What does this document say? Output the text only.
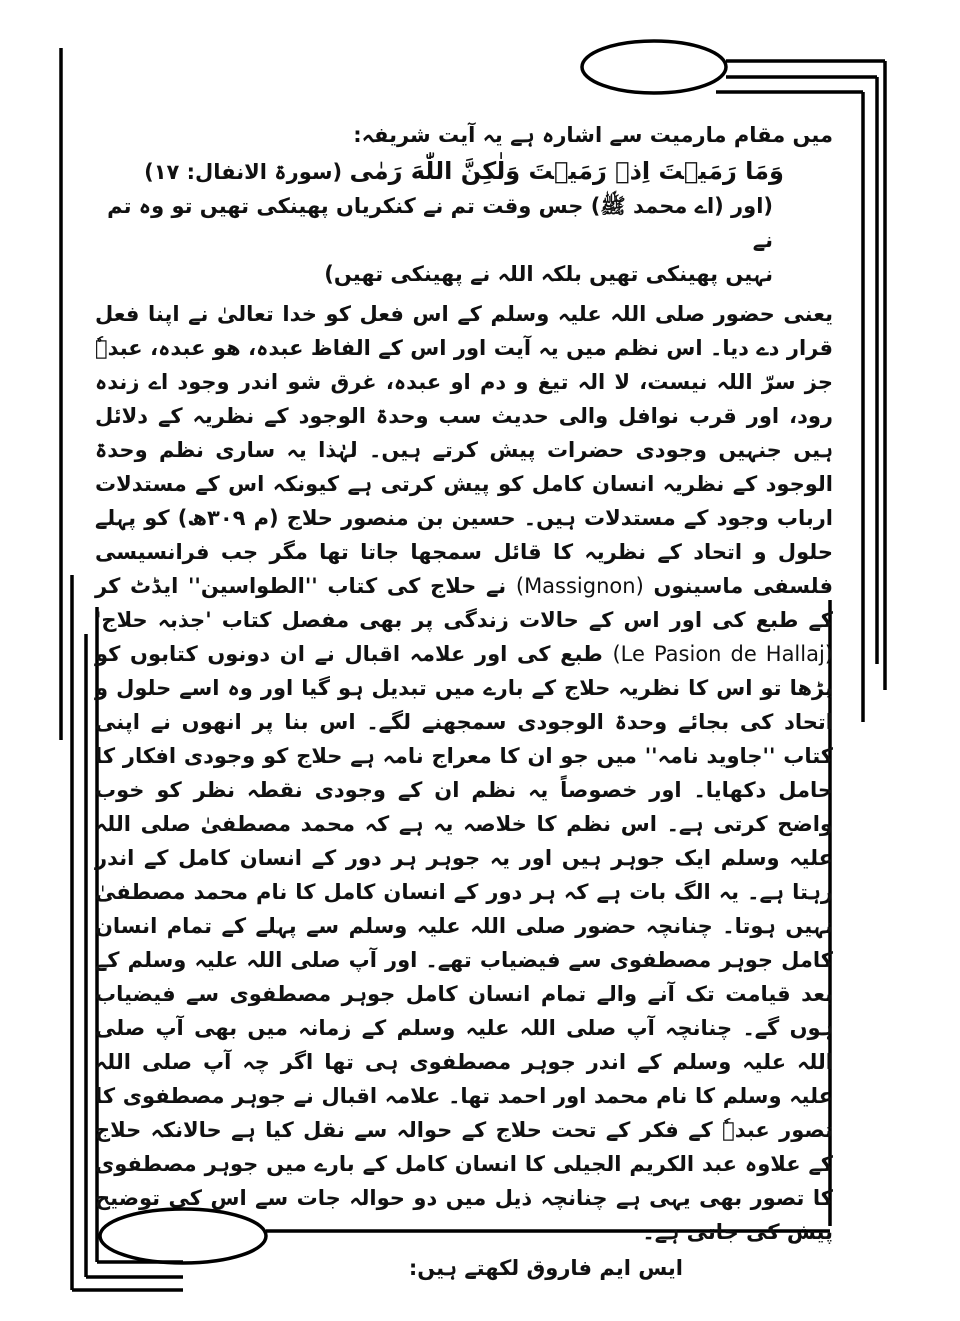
میں مقام مارمیت سے اشارہ ہے یہ آیت شریفہ:

وَمَا رَمَيۡتَ اِذۡ رَمَيۡتَ وَلٰكِنَّ اللّٰهَ رَمٰى (سورۃ الانفال: ۱۷)
(اور (اے محمد ﷺ) جس وقت تم نے کنکریاں پھینکی تھیں تو وہ تم نے
نہیں پھینکی تھیں بلکہ اللہ نے پھینکی تھیں)

یعنی حضور صلی اللہ علیہ وسلم کے اس فعل کو خدا تعالیٰ نے اپنا فعل قرار دے دیا۔ اس نظم میں یہ آیت اور اس کے الفاظ عبدہ، ھو عبدہ، عبدہٗ جز سرّ اللہ نیست، لا الہ تیغ و دم او عبدہ، غرق شو اندر وجود اے زندہ رود، اور قرب نوافل والی حدیث سب وحدۃ الوجود کے نظریہ کے دلائل ہیں جنہیں وجودی حضرات پیش کرتے ہیں۔ لہٰذا یہ ساری نظم وحدۃ الوجود کے نظریہ انسان کامل کو پیش کرتی ہے کیونکہ اس کے مستدلات ارباب وجود کے مستدلات ہیں۔ حسین بن منصور حلاج (م ۳۰۹ھ) کو پہلے حلول و اتحاد کے نظریہ کا قائل سمجھا جاتا تھا مگر جب فرانسیسی فلسفی ماسینوں (Massignon) نے حلاج کی کتاب ''الطواسین'' ایڈٹ کر کے طبع کی اور اس کے حالات زندگی پر بھی مفصل کتاب 'جذبہ حلاج' (Le Pasion de Hallaj) طبع کی اور علامہ اقبال نے ان دونوں کتابوں کو پڑھا تو اس کا نظریہ حلاج کے بارے میں تبدیل ہو گیا اور وہ اسے حلول و اتحاد کی بجائے وحدۃ الوجودی سمجھنے لگے۔ اس بنا پر انھوں نے اپنی کتاب ''جاوید نامہ'' میں جو ان کا معراج نامہ ہے حلاج کو وجودی افکار کا حامل دکھایا۔ اور خصوصاً یہ نظم ان کے وجودی نقطہ نظر کو خوب واضح کرتی ہے۔ اس نظم کا خلاصہ یہ ہے کہ محمد مصطفیٰ صلی اللہ علیہ وسلم ایک جوہر ہیں اور یہ جوہر ہر دور کے انسان کامل کے اندر رہتا ہے۔ یہ الگ بات ہے کہ ہر دور کے انسان کامل کا نام محمد مصطفیٰ نہیں ہوتا۔ چنانچہ حضور صلی اللہ علیہ وسلم سے پہلے کے تمام انسان کامل جوہر مصطفوی سے فیضیاب تھے۔ اور آپ صلی اللہ علیہ وسلم کے بعد قیامت تک آنے والے تمام انسان کامل جوہر مصطفوی سے فیضیاب ہوں گے۔ چنانچہ آپ صلی اللہ علیہ وسلم کے زمانہ میں بھی آپ صلی اللہ علیہ وسلم کے اندر جوہر مصطفوی ہی تھا اگر چہ آپ صلی اللہ علیہ وسلم کا نام محمد اور احمد تھا۔ علامہ اقبال نے جوہر مصطفوی کا تصور عبدہٗ کے فکر کے تحت حلاج کے حوالہ سے نقل کیا ہے حالانکہ حلاج کے علاوہ عبد الکریم الجیلی کا انسان کامل کے بارے میں جوہر مصطفوی کا تصور بھی یہی ہے چنانچہ ذیل میں دو حوالہ جات سے اس کی توضیح پیش کی جاتی ہے۔

ایس ایم فاروق لکھتے ہیں:
